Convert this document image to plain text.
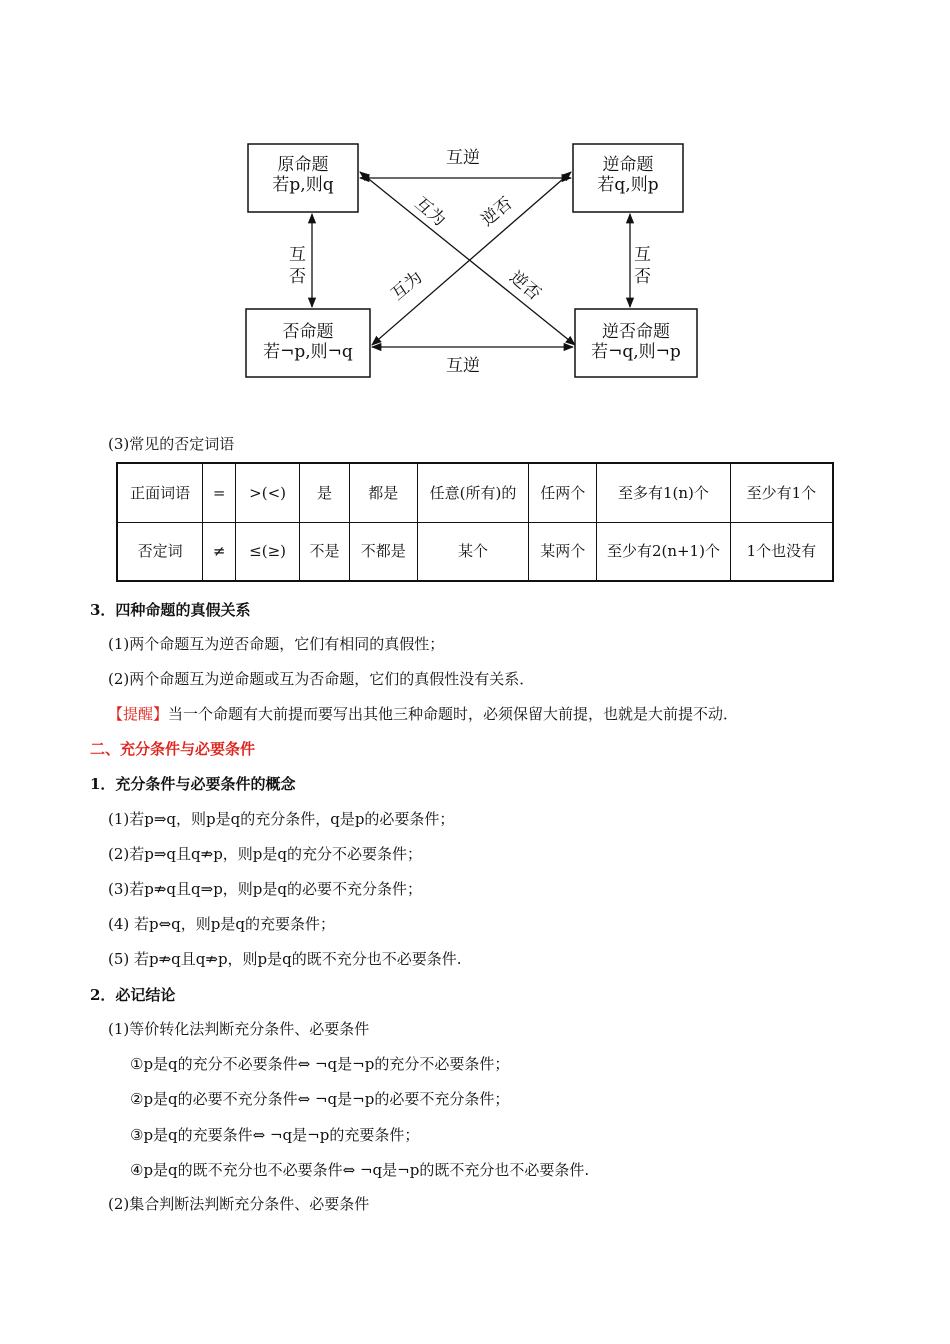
原命题
若p,则q
逆命题
若q,则p
否命题
若¬p,则¬q
逆否命题
若¬q,则¬p
互逆
互逆
互否
互否
互为 逆否
逆否
互为
(3)常见的否定词语
正面词语	=	>(<)	是	都是	任意(所有)的	任两个	至多有1(n)个	至少有1个
否定词	≠	≤(≥)	不是	不都是	某个	某两个	至少有2(n+1)个	1个也没有
3．四种命题的真假关系
(1)两个命题互为逆否命题，它们有相同的真假性；
(2)两个命题互为逆命题或互为否命题，它们的真假性没有关系．
【提醒】当一个命题有大前提而要写出其他三种命题时，必须保留大前提，也就是大前提不动．
二、充分条件与必要条件
1．充分条件与必要条件的概念
(1)若p⇒q，则p是q的充分条件，q是p的必要条件；
(2)若p⇒q且q⇏p，则p是q的充分不必要条件；
(3)若p⇏q且q⇒p，则p是q的必要不充分条件；
(4) 若p⇔q，则p是q的充要条件；
(5) 若p⇏q且q⇏p，则p是q的既不充分也不必要条件.
2．必记结论
(1)等价转化法判断充分条件、必要条件
①p是q的充分不必要条件⇔ ¬q是¬p的充分不必要条件；
②p是q的必要不充分条件⇔ ¬q是¬p的必要不充分条件；
③p是q的充要条件⇔ ¬q是¬p的充要条件；
④p是q的既不充分也不必要条件⇔ ¬q是¬p的既不充分也不必要条件.
(2)集合判断法判断充分条件、必要条件
